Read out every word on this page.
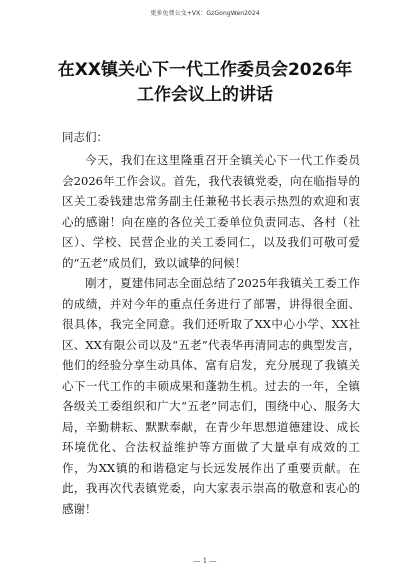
更多免费公文+VX：GzGongWen2024
在XX镇关心下一代工作委员会2026年
工作会议上的讲话

同志们：

今天，我们在这里隆重召开全镇关心下一代工作委员会2026年工作会议。首先，我代表镇党委，向在临指导的区关工委钱建忠常务副主任兼秘书长表示热烈的欢迎和衷心的感谢！向在座的各位关工委单位负责同志、各村（社区）、学校、民营企业的关工委同仁，以及我们可敬可爱的“五老”成员们，致以诚挚的问候！

刚才，夏建伟同志全面总结了2025年我镇关工委工作的成绩，并对今年的重点任务进行了部署，讲得很全面、很具体，我完全同意。我们还听取了XX中心小学、XX社区、XX有限公司以及“五老”代表华再清同志的典型发言，他们的经验分享生动具体、富有启发，充分展现了我镇关心下一代工作的丰硕成果和蓬勃生机。过去的一年，全镇各级关工委组织和广大“五老”同志们，围绕中心、服务大局，辛勤耕耘、默默奉献，在青少年思想道德建设、成长环境优化、合法权益维护等方面做了大量卓有成效的工作，为XX镇的和谐稳定与长远发展作出了重要贡献。在此，我再次代表镇党委，向大家表示崇高的敬意和衷心的感谢！

— 1 —
